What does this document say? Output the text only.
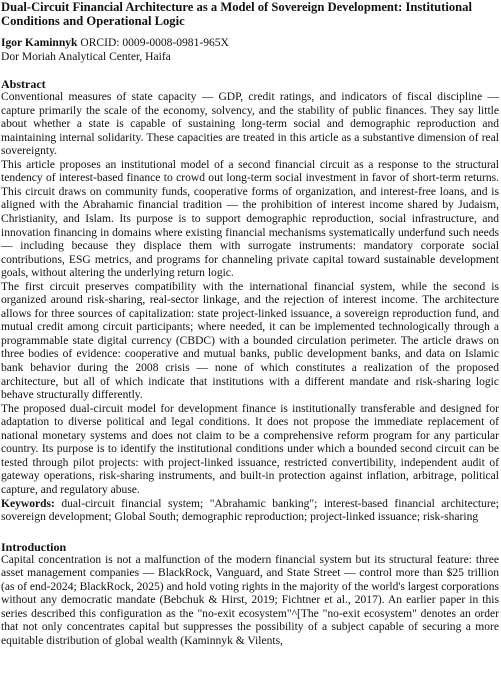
Dual-Circuit Financial Architecture as a Model of Sovereign Development: Institutional Conditions and Operational Logic

Igor Kaminnyk ORCID: 0009-0008-0981-965X

Dor Moriah Analytical Center, Haifa

Abstract

Conventional measures of state capacity — GDP, credit ratings, and indicators of fiscal discipline — capture primarily the scale of the economy, solvency, and the stability of public finances. They say little about whether a state is capable of sustaining long-term social and demographic reproduction and maintaining internal solidarity. These capacities are treated in this article as a substantive dimension of real sovereignty.

This article proposes an institutional model of a second financial circuit as a response to the structural tendency of interest-based finance to crowd out long-term social investment in favor of short-term returns. This circuit draws on community funds, cooperative forms of organization, and interest-free loans, and is aligned with the Abrahamic financial tradition — the prohibition of interest income shared by Judaism, Christianity, and Islam. Its purpose is to support demographic reproduction, social infrastructure, and innovation financing in domains where existing financial mechanisms systematically underfund such needs — including because they displace them with surrogate instruments: mandatory corporate social contributions, ESG metrics, and programs for channeling private capital toward sustainable development goals, without altering the underlying return logic.

The first circuit preserves compatibility with the international financial system, while the second is organized around risk-sharing, real-sector linkage, and the rejection of interest income. The architecture allows for three sources of capitalization: state project-linked issuance, a sovereign reproduction fund, and mutual credit among circuit participants; where needed, it can be implemented technologically through a programmable state digital currency (CBDC) with a bounded circulation perimeter. The article draws on three bodies of evidence: cooperative and mutual banks, public development banks, and data on Islamic bank behavior during the 2008 crisis — none of which constitutes a realization of the proposed architecture, but all of which indicate that institutions with a different mandate and risk-sharing logic behave structurally differently.

The proposed dual-circuit model for development finance is institutionally transferable and designed for adaptation to diverse political and legal conditions. It does not propose the immediate replacement of national monetary systems and does not claim to be a comprehensive reform program for any particular country. Its purpose is to identify the institutional conditions under which a bounded second circuit can be tested through pilot projects: with project-linked issuance, restricted convertibility, independent audit of gateway operations, risk-sharing instruments, and built-in protection against inflation, arbitrage, political capture, and regulatory abuse.

Keywords: dual-circuit financial system; "Abrahamic banking"; interest-based financial architecture; sovereign development; Global South; demographic reproduction; project-linked issuance; risk-sharing

Introduction

Capital concentration is not a malfunction of the modern financial system but its structural feature: three asset management companies — BlackRock, Vanguard, and State Street — control more than $25 trillion (as of end-2024; BlackRock, 2025) and hold voting rights in the majority of the world's largest corporations without any democratic mandate (Bebchuk & Hirst, 2019; Fichtner et al., 2017). An earlier paper in this series described this configuration as the "no-exit ecosystem"^[The "no-exit ecosystem" denotes an order that not only concentrates capital but suppresses the possibility of a subject capable of securing a more equitable distribution of global wealth (Kaminnyk & Vilents,
